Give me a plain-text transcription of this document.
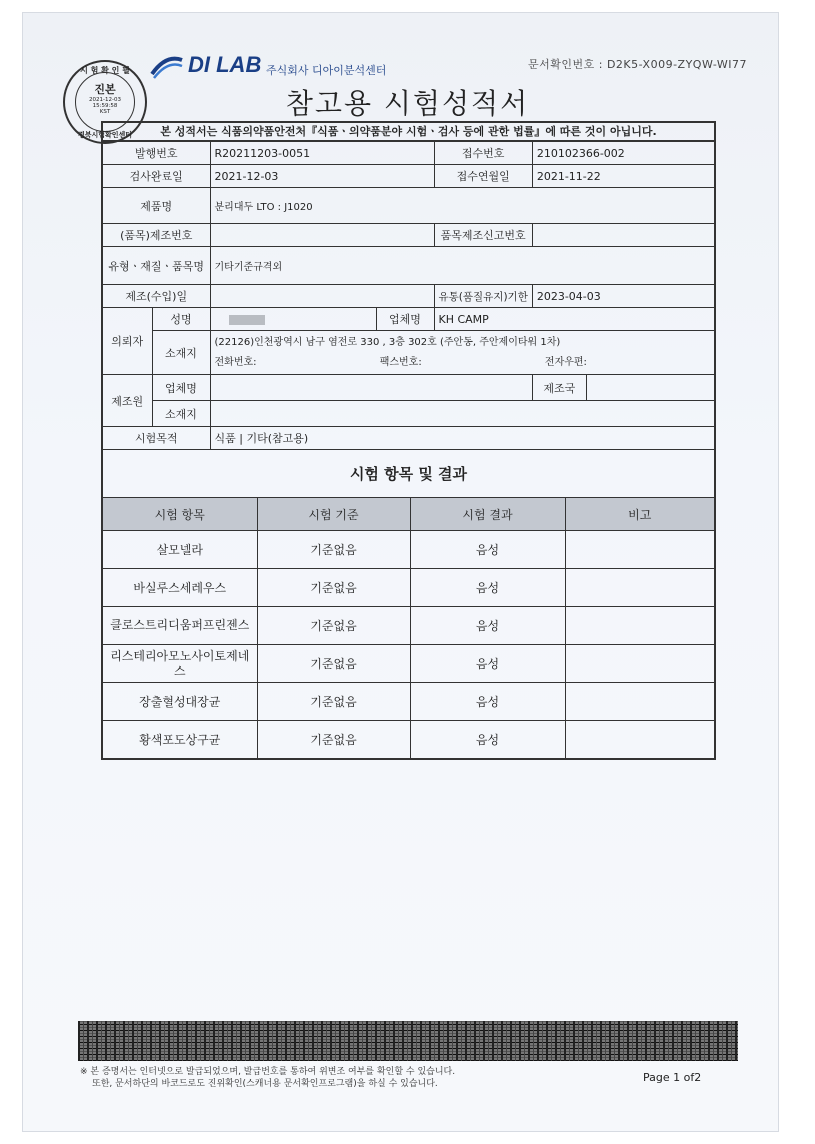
문서확인번호 : D2K5-X009-ZYQW-WI77
시 험 확 인 필
진본
2021-12-03
15:59:58
KST
경북시험확인센터
DI LAB 주식회사 디아이분석센터
참고용 시험성적서
본 성적서는 식품의약품안전처『식품ㆍ의약품분야 시험ㆍ검사 등에 관한 법률』에 따른 것이 아닙니다.
발행번호		R20211203-0051		접수번호	210102366-002	
검사완료일		2021-12-03		접수연월일	2021-11-22	
제품명		분리대두 LTO : J1020				
(품목)제조번호				품목제조신고번호		
유형ㆍ재질ㆍ품목명		기타기준규격외				
제조(수입)일				유통(품질유지)기한	2023-04-03	
의뢰자	성명		업체명	KH CAMP		
	소재지	(22126)인천광역시 남구 염전로 330 , 3층 302호 (주안동, 주안제이타워 1차)
전화번호: 팩스번호: 전자우편:				

제조원	업체명				제조국	
	소재지					
시험목적		식품 | 기타(참고용)				
시험 항목 및 결과
시험 항목	시험 기준	시험 결과	비고
살모넬라	기준없음	음성	
바실루스세레우스	기준없음	음성	
클로스트리디움퍼프린젠스	기준없음	음성	
리스테리아모노사이토제네스	기준없음	음성	
장출혈성대장균	기준없음	음성	
황색포도상구균	기준없음	음성	
※ 본 증명서는 인터넷으로 발급되었으며, 발급번호를 통하여 위변조 여부를 확인할 수 있습니다.
또한, 문서하단의 바코드로도 진위확인(스캐너용 문서확인프로그램)을 하실 수 있습니다.	Page 1 of2
